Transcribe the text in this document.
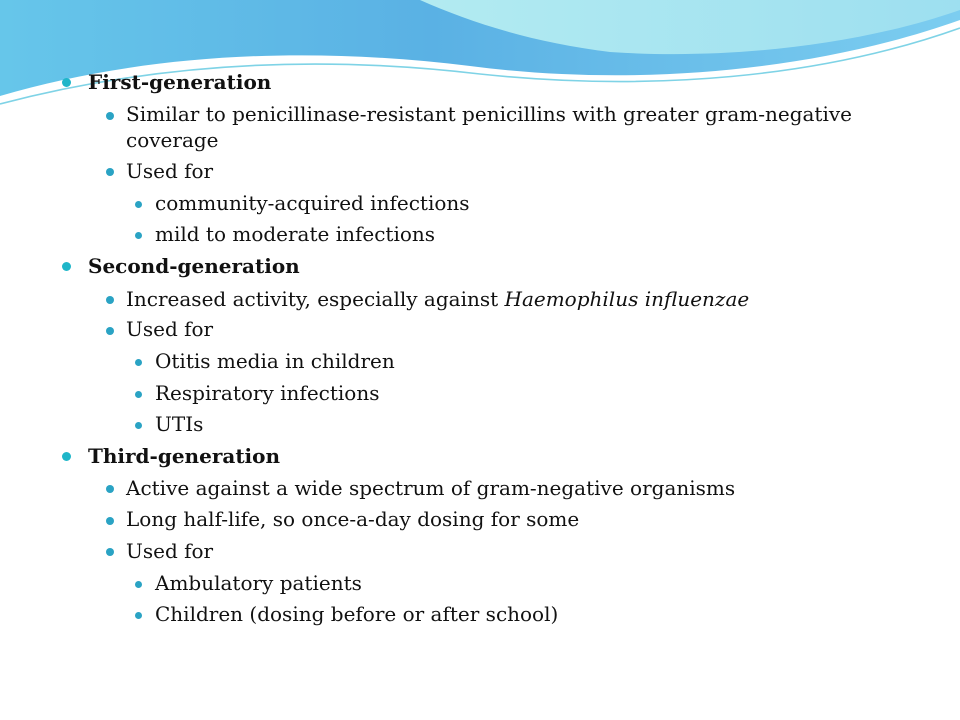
First-generation

Similar to penicillinase-resistant penicillins with greater gram-negative coverage

Used for

community-acquired infections

mild to moderate infections

Second-generation

Increased activity, especially against Haemophilus influenzae

Used for

Otitis media in children

Respiratory infections

UTIs

Third-generation

Active against a wide spectrum of gram-negative organisms

Long half-life, so once-a-day dosing for some

Used for

Ambulatory patients

Children (dosing before or after school)
